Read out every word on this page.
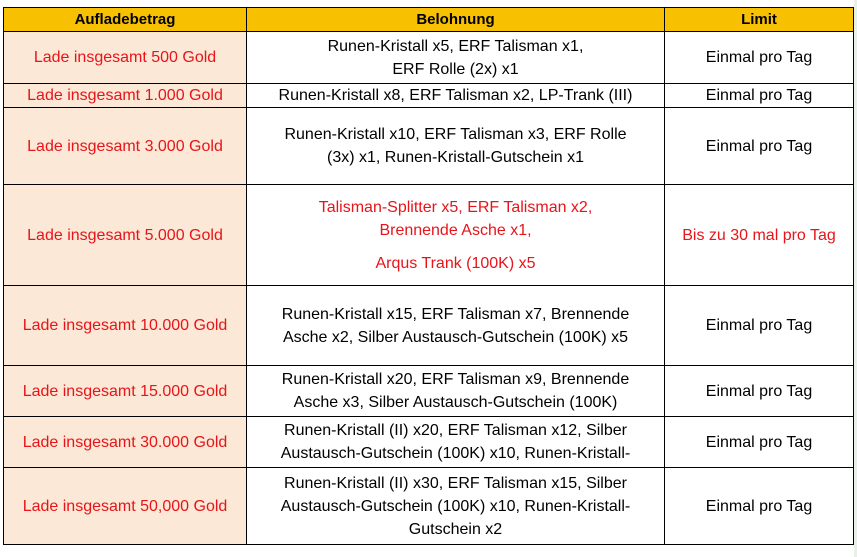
Aufladebetrag	Belohnung	Limit
Lade insgesamt 500 Gold	Runen-Kristall x5, ERF Talisman x1,
ERF Rolle (2x) x1	Einmal pro Tag
Lade insgesamt 1.000 Gold	Runen-Kristall x8, ERF Talisman x2, LP-Trank (III)	Einmal pro Tag
Lade insgesamt 3.000 Gold	Runen-Kristall x10, ERF Talisman x3, ERF Rolle
(3x) x1, Runen-Kristall-Gutschein x1	Einmal pro Tag
Lade insgesamt 5.000 Gold	Talisman-Splitter x5, ERF Talisman x2,
Brennende Asche x1,
Arqus Trank (100K) x5	Bis zu 30 mal pro Tag
Lade insgesamt 10.000 Gold	Runen-Kristall x15, ERF Talisman x7, Brennende
Asche x2, Silber Austausch-Gutschein (100K) x5	Einmal pro Tag
Lade insgesamt 15.000 Gold	Runen-Kristall x20, ERF Talisman x9, Brennende
Asche x3, Silber Austausch-Gutschein (100K)	Einmal pro Tag
Lade insgesamt 30.000 Gold	Runen-Kristall (II) x20, ERF Talisman x12, Silber
Austausch-Gutschein (100K) x10, Runen-Kristall-	Einmal pro Tag
Lade insgesamt 50,000 Gold	Runen-Kristall (II) x30, ERF Talisman x15, Silber
Austausch-Gutschein (100K) x10, Runen-Kristall-
Gutschein x2	Einmal pro Tag
